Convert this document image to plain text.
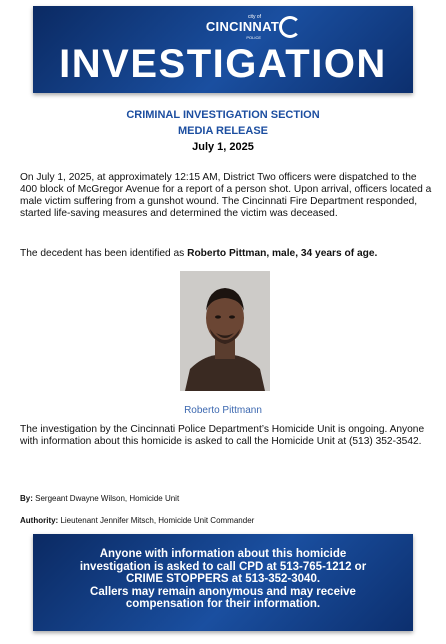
city of
CINCINNATI
POLICE
INVESTIGATION
CRIMINAL INVESTIGATION SECTION
MEDIA RELEASE
July 1, 2025
On July 1, 2025, at approximately 12:15 AM, District Two officers were dispatched to the 400 block of McGregor Avenue for a report of a person shot. Upon arrival, officers located a male victim suffering from a gunshot wound. The Cincinnati Fire Department responded, started life-saving measures and determined the victim was deceased.
The decedent has been identified as Roberto Pittman, male, 34 years of age.
Roberto Pittmann
The investigation by the Cincinnati Police Department’s Homicide Unit is ongoing. Anyone with information about this homicide is asked to call the Homicide Unit at (513) 352-3542.
By: Sergeant Dwayne Wilson, Homicide Unit
Authority: Lieutenant Jennifer Mitsch, Homicide Unit Commander
Anyone with information about this homicide
investigation is asked to call CPD at 513-765-1212 or
CRIME STOPPERS at 513-352-3040.
Callers may remain anonymous and may receive
compensation for their information.
